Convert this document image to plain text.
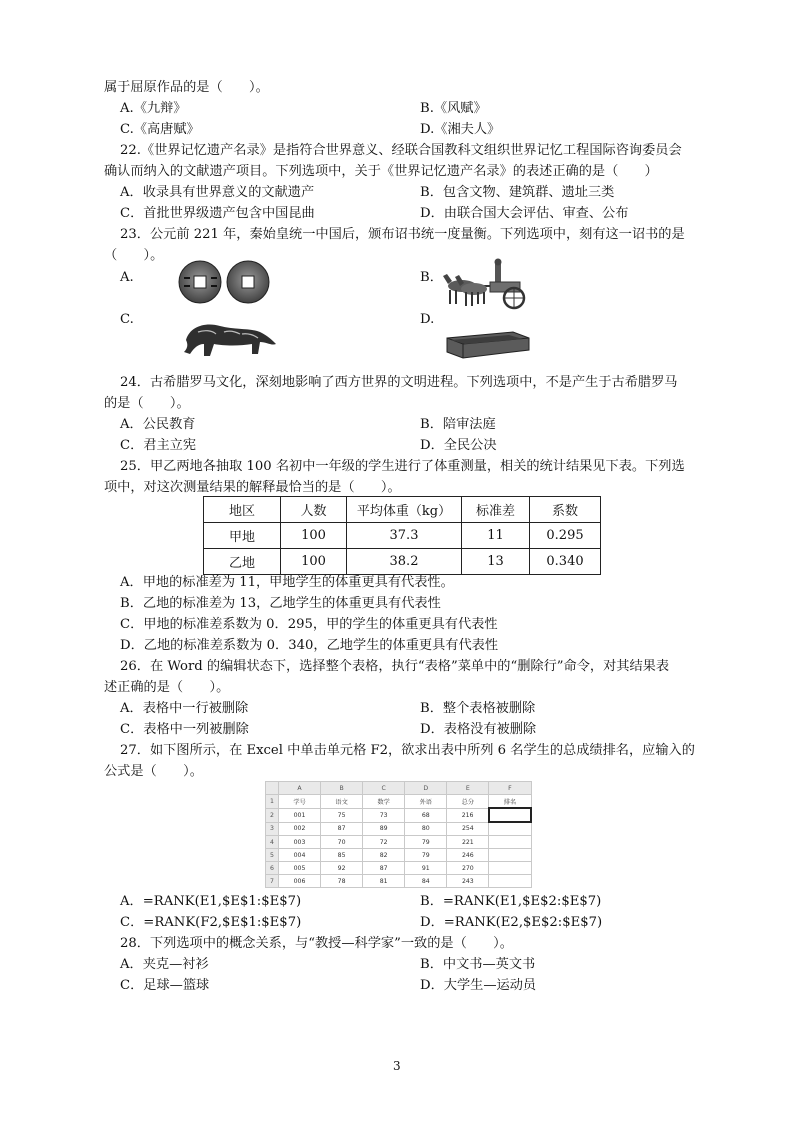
属于屈原作品的是（　　）。
A.《九辩》	B.《风赋》
C.《高唐赋》	D.《湘夫人》
22.《世界记忆遗产名录》是指符合世界意义、经联合国教科文组织世界记忆工程国际咨询委员会
确认而纳入的文献遗产项目。下列选项中，关于《世界记忆遗产名录》的表述正确的是（　　）
A．收录具有世界意义的文献遗产	B．包含文物、建筑群、遗址三类
C．首批世界级遗产包含中国昆曲	D．由联合国大会评估、审查、公布
23．公元前 221 年，秦始皇统一中国后，颁布诏书统一度量衡。下列选项中，刻有这一诏书的是
（　　）。
A.	B．
C.	D.
24．古希腊罗马文化，深刻地影响了西方世界的文明进程。下列选项中，不是产生于古希腊罗马
的是（　　）。
A．公民教育	B．陪审法庭
C．君主立宪	D．全民公决
25．甲乙两地各抽取 100 名初中一年级的学生进行了体重测量，相关的统计结果见下表。下列选
项中，对这次测量结果的解释最恰当的是（　　）。
地区	人数	平均体重（kg）	标准差	系数
甲地	100	37.3	11	0.295
乙地	100	38.2	13	0.340
A．甲地的标准差为 11，甲地学生的体重更具有代表性。
B．乙地的标准差为 13，乙地学生的体重更具有代表性
C．甲地的标准差系数为 0．295，甲的学生的体重更具有代表性
D．乙地的标准差系数为 0．340，乙地学生的体重更具有代表性
26．在 Word 的编辑状态下，选择整个表格，执行“表格”菜单中的“删除行”命令，对其结果表
述正确的是（　　）。
A．表格中一行被删除	B．整个表格被删除
C．表格中一列被删除	D．表格没有被删除
27．如下图所示，在 Excel 中单击单元格 F2，欲求出表中所列 6 名学生的总成绩排名，应输入的
公式是（　　）。
	A	B	C	D	E	F
1	学号	语文	数学	外语	总分	排名
2	001	75	73	68	216	
3	002	87	89	80	254	
4	003	70	72	79	221	
5	004	85	82	79	246	
6	005	92	87	91	270	
7	006	78	81	84	243	
A．=RANK(E1,$E$1:$E$7)	B．=RANK(E1,$E$2:$E$7)
C．=RANK(F2,$E$1:$E$7)	D．=RANK(E2,$E$2:$E$7)
28．下列选项中的概念关系，与“教授—科学家”一致的是（　　）。
A．夹克—衬衫	B．中文书—英文书
C．足球—篮球	D．大学生—运动员
3
